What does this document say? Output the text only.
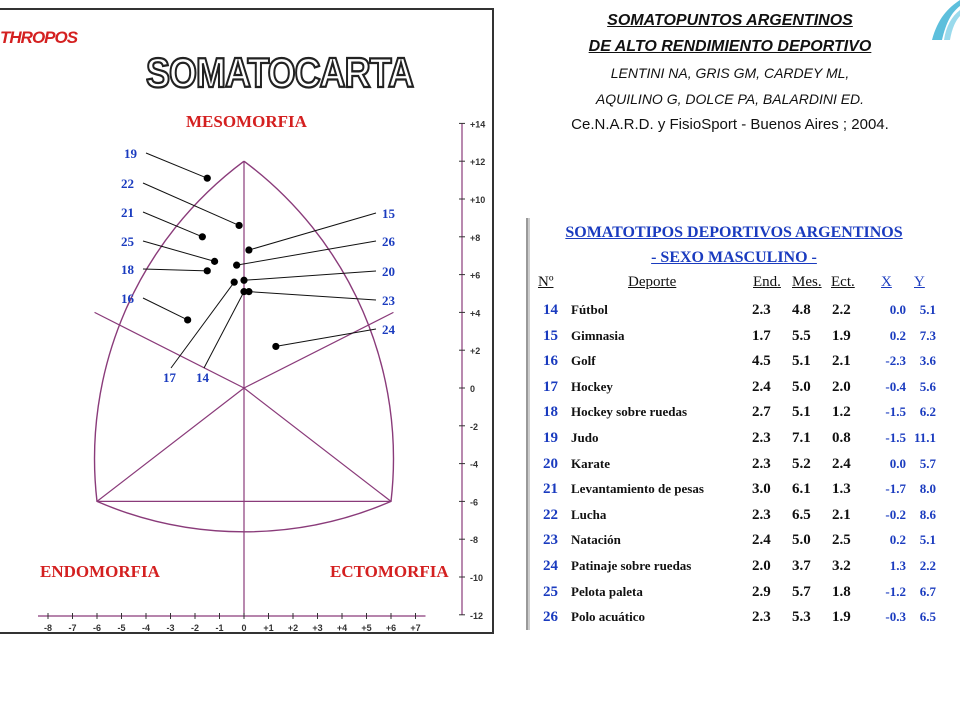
+14
+12
+10
+8
+6
+4
+2
0
-2
-4
-6
-8
-10
-12
-8 -7 -6 -5 -4 -3 -2 -1 0 +1 +2 +3 +4 +5 +6 +7
14
15
16
17
18
19
20
21
22
23
24
25	26
THROPOS
SOMATOCARTA
MESOMORFIA
ENDOMORFIA	ECTOMORFIA
SOMATOPUNTOS ARGENTINOS
DE ALTO RENDIMIENTO DEPORTIVO
LENTINI NA, GRIS GM, CARDEY ML,
AQUILINO G, DOLCE PA, BALARDINI ED.
Ce.N.A.R.D. y FisioSport - Buenos Aires ; 2004.
SOMATOTIPOS DEPORTIVOS ARGENTINOS
- SEXO MASCULINO -
Nº	Deporte	End. Mes. Ect. X Y
14 Fútbol	2.3 4.8 2.2	0.0 5.1
15 Gimnasia	1.7 5.5 1.9	0.2 7.3
16 Golf	4.5 5.1 2.1	-2.3 3.6
17 Hockey	2.4 5.0 2.0	-0.4 5.6
18 Hockey sobre ruedas	2.7 5.1 1.2	-1.5 6.2
19 Judo	2.3 7.1 0.8	-1.5 11.1
20 Karate	2.3 5.2 2.4	0.0 5.7
21 Levantamiento de pesas	3.0 6.1 1.3	-1.7 8.0
22 Lucha	2.3 6.5 2.1	-0.2 8.6
23 Natación	2.4 5.0 2.5	0.2 5.1
24 Patinaje sobre ruedas	2.0 3.7 3.2	1.3 2.2
25 Pelota paleta	2.9 5.7 1.8	-1.2 6.7
26 Polo acuático	2.3 5.3 1.9	-0.3 6.5
